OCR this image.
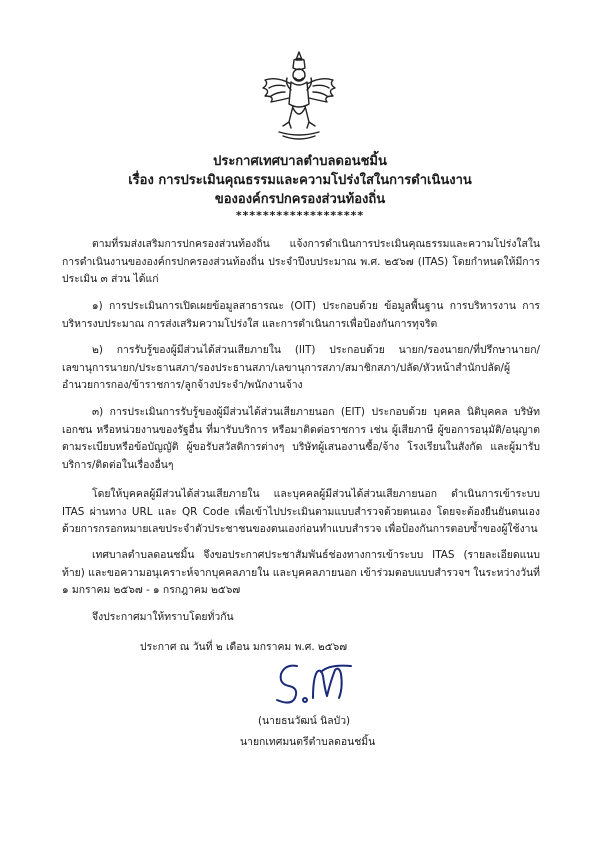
ประกาศเทศบาลตำบลดอนชมิ้น
เรื่อง การประเมินคุณธรรมและความโปร่งใสในการดำเนินงาน
ขององค์กรปกครองส่วนท้องถิ่น
*******************

ตามที่รมส่งเสริมการปกครองส่วนท้องถิ่น แจ้งการดำเนินการประเมินคุณธรรมและความโปร่งใสในการดำเนินงานขององค์กรปกครองส่วนท้องถิ่น ประจำปีงบประมาณ พ.ศ. ๒๕๖๗ (ITAS) โดยกำหนดให้มีการประเมิน ๓ ส่วน ได้แก่

๑) การประเมินการเปิดเผยข้อมูลสาธารณะ (OIT) ประกอบด้วย ข้อมูลพื้นฐาน การบริหารงาน การบริหารงบประมาณ การส่งเสริมความโปร่งใส และการดำเนินการเพื่อป้องกันการทุจริต

๒) การรับรู้ของผู้มีส่วนได้ส่วนเสียภายใน (IIT) ประกอบด้วย นายก/รองนายก/ที่ปรึกษานายก/เลขานุการนายก/ประธานสภา/รองประธานสภา/เลขานุการสภา/สมาชิกสภา/ปลัด/หัวหน้าสำนักปลัด/ผู้อำนวยการกอง/ข้าราชการ/ลูกจ้างประจำ/พนักงานจ้าง

๓) การประเมินการรับรู้ของผู้มีส่วนได้ส่วนเสียภายนอก (EIT) ประกอบด้วย บุคคล นิติบุคคล บริษัทเอกชน หรือหน่วยงานของรัฐอื่น ที่มารับบริการ หรือมาติดต่อราชการ เช่น ผู้เสียภาษี ผู้ขอการอนุมัติ/อนุญาตตามระเบียบหรือข้อบัญญัติ ผู้ขอรับสวัสดิการต่างๆ บริษัทผู้เสนองานซื้อ/จ้าง โรงเรียนในสังกัด และผู้มารับบริการ/ติดต่อในเรื่องอื่นๆ

โดยให้บุคคลผู้มีส่วนได้ส่วนเสียภายใน และบุคคลผู้มีส่วนได้ส่วนเสียภายนอก ดำเนินการเข้าระบบ ITAS ผ่านทาง URL และ QR Code เพื่อเข้าไปประเมินตามแบบสำรวจด้วยตนเอง โดยจะต้องยืนยันตนเองด้วยการกรอกหมายเลขประจำตัวประชาชนของตนเองก่อนทำแบบสำรวจ เพื่อป้องกันการตอบซ้ำของผู้ใช้งาน

เทศบาลตำบลดอนชมิ้น จึงขอประกาศประชาสัมพันธ์ช่องทางการเข้าระบบ ITAS (รายละเอียดแนบท้าย) และขอความอนุเคราะห์จากบุคคลภายใน และบุคคลภายนอก เข้าร่วมตอบแบบสำรวจฯ ในระหว่างวันที่ ๑ มกราคม ๒๕๖๗ - ๑ กรกฎาคม ๒๕๖๗

จึงประกาศมาให้ทราบโดยทั่วกัน

ประกาศ ณ วันที่ ๒ เดือน มกราคม พ.ศ. ๒๕๖๗
(นายธนวัฒน์ นิลบัว)
นายกเทศมนตรีตำบลดอนชมิ้น
